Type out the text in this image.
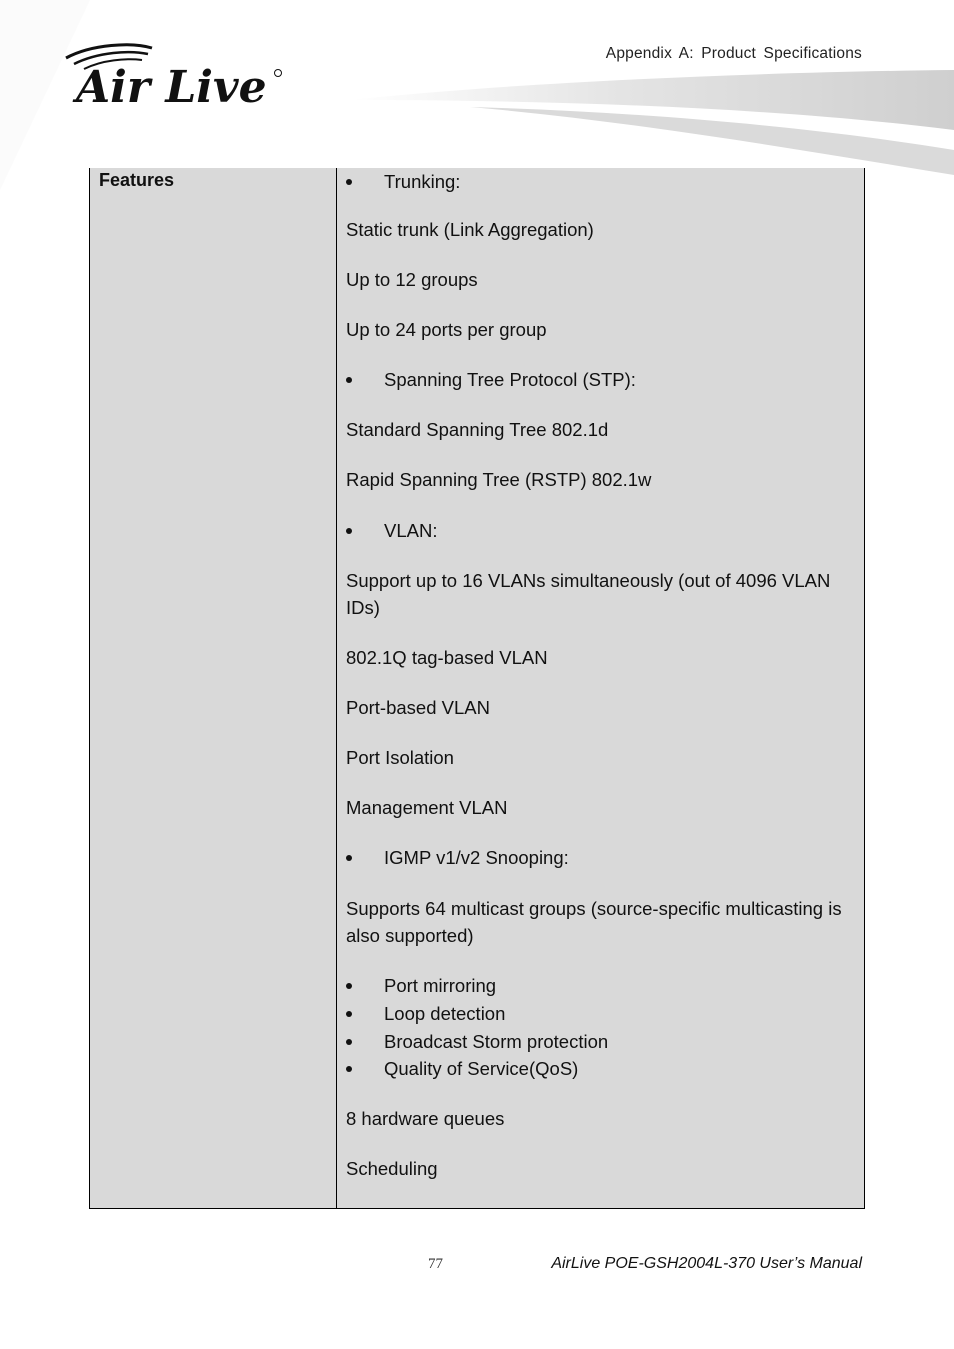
Air Live
Appendix A: Product Specifications
Features	Trunking:
Static trunk (Link Aggregation)
Up to 12 groups
Up to 24 ports per group
Spanning Tree Protocol (STP):
Standard Spanning Tree 802.1d
Rapid Spanning Tree (RSTP) 802.1w
VLAN:
Support up to 16 VLANs simultaneously (out of 4096 VLAN IDs)
802.1Q tag-based VLAN
Port-based VLAN
Port Isolation
Management VLAN
IGMP v1/v2 Snooping:
Supports 64 multicast groups (source-specific multicasting is also supported)
Port mirroring
Loop detection
Broadcast Storm protection
Quality of Service(QoS)
8 hardware queues
Scheduling
77	AirLive POE-GSH2004L-370 User’s Manual
